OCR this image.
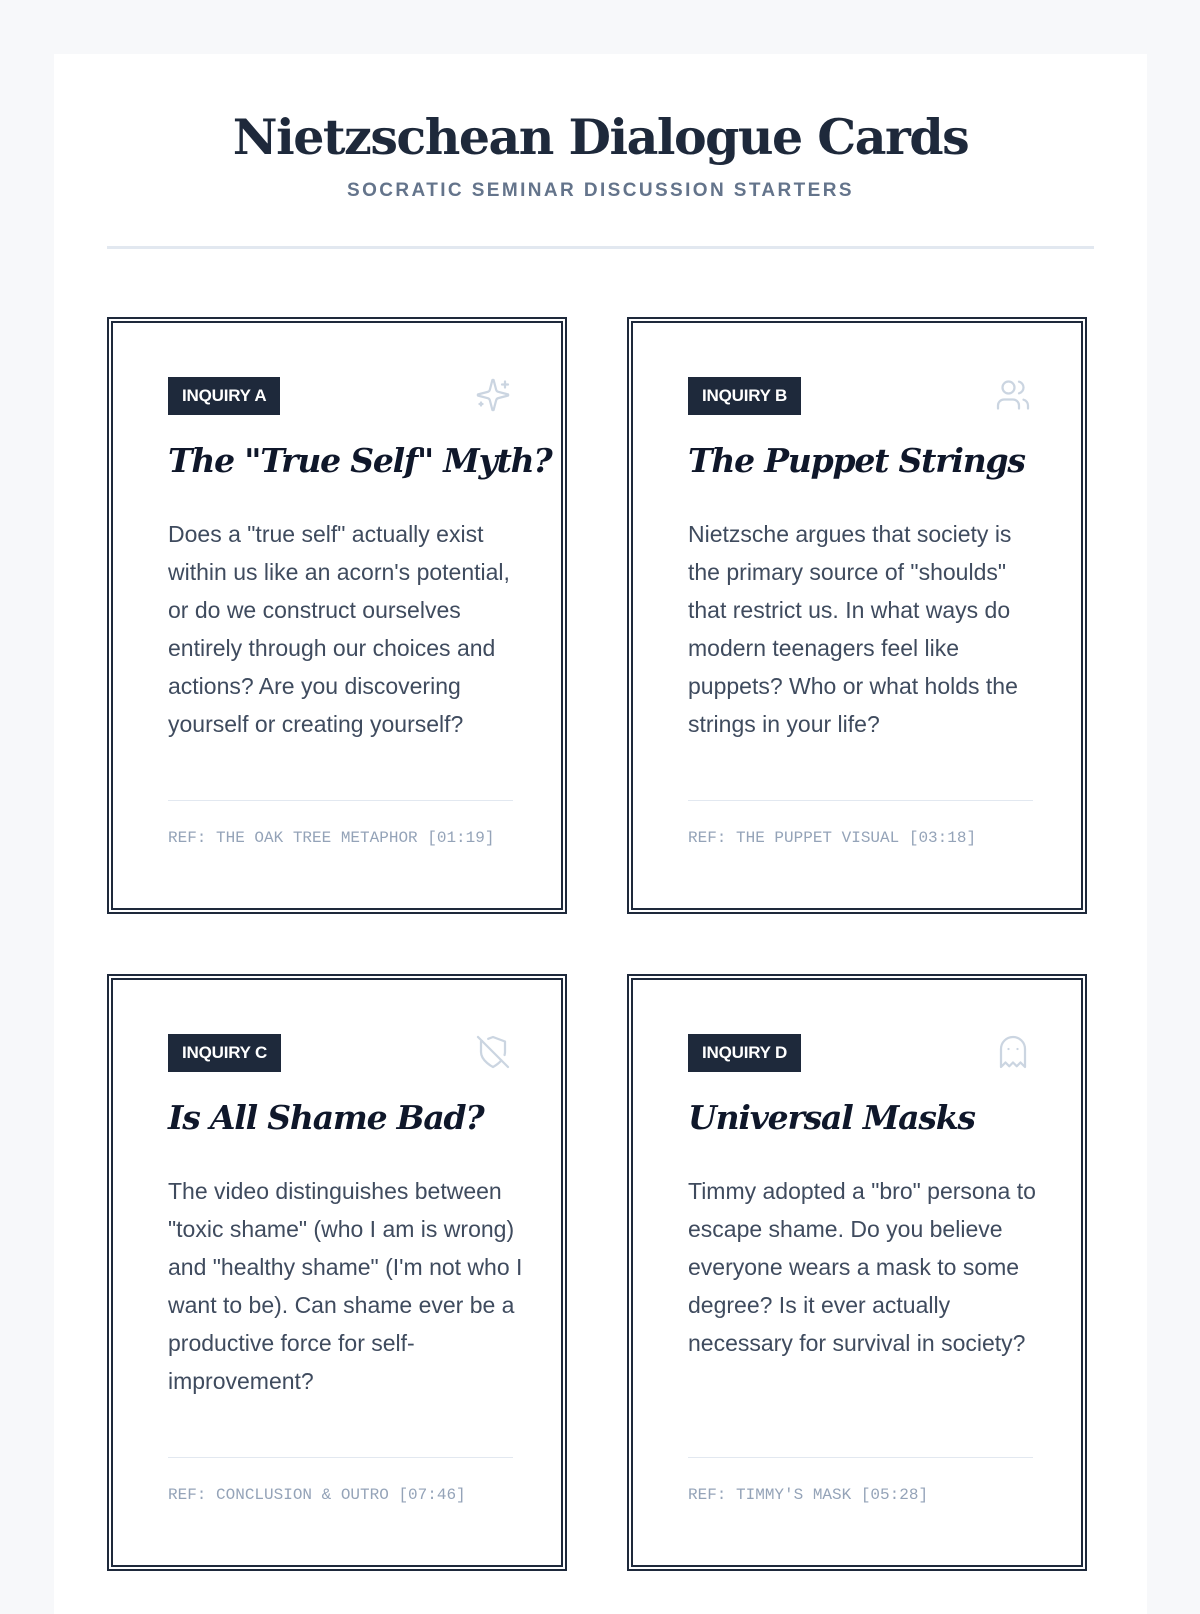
Nietzschean Dialogue Cards

SOCRATIC SEMINAR DISCUSSION STARTERS

INQUIRY A
The "True Self" Myth?

Does a "true self" actually exist within us like an acorn's potential, or do we construct ourselves entirely through our choices and actions? Are you discovering yourself or creating yourself?

REF: THE OAK TREE METAPHOR [01:19]

INQUIRY B
The Puppet Strings

Nietzsche argues that society is the primary source of "shoulds" that restrict us. In what ways do modern teenagers feel like puppets? Who or what holds the strings in your life?

REF: THE PUPPET VISUAL [03:18]

INQUIRY C
Is All Shame Bad?

The video distinguishes between "toxic shame" (who I am is wrong) and "healthy shame" (I'm not who I want to be). Can shame ever be a productive force for self-improvement?

REF: CONCLUSION & OUTRO [07:46]

INQUIRY D
Universal Masks

Timmy adopted a "bro" persona to escape shame. Do you believe everyone wears a mask to some degree? Is it ever actually necessary for survival in society?

REF: TIMMY'S MASK [05:28]
